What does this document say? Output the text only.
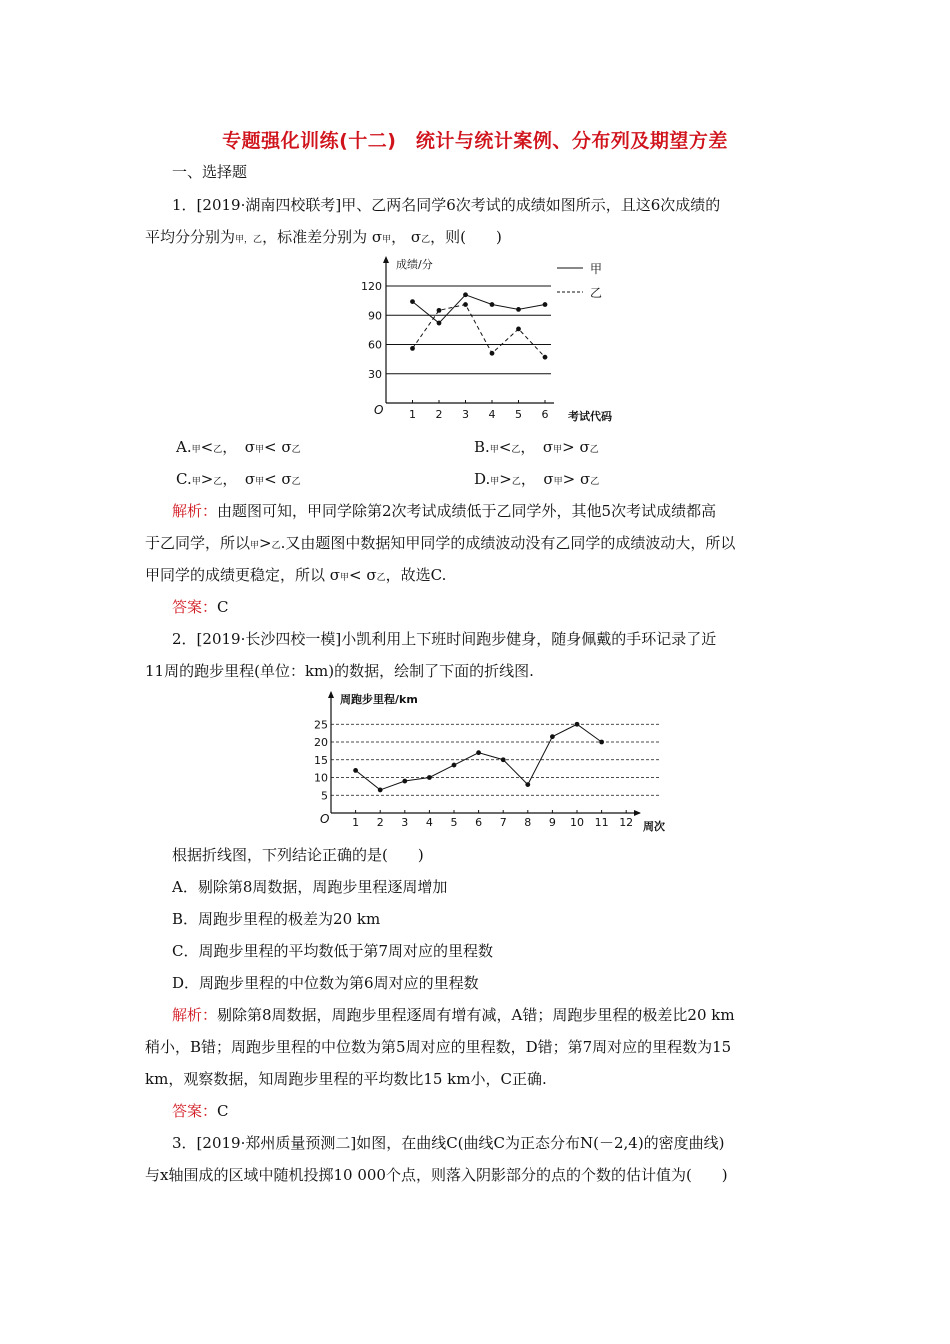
专题强化训练(十二)　统计与统计案例、分布列及期望方差
一、选择题
1．[2019·湖南四校联考]甲、乙两名同学6次考试的成绩如图所示，且这6次成绩的
平均分分别为甲，乙，标准差分别为 σ甲， σ乙，则(　　)
成绩/分
考试代码
O
30
60
90
120
1 2 3 4 5 6
甲
乙
A.甲<乙，　σ甲< σ乙	B.甲<乙，　σ甲> σ乙
C.甲>乙，　σ甲< σ乙	D.甲>乙，　σ甲> σ乙
解析：由题图可知，甲同学除第2次考试成绩低于乙同学外，其他5次考试成绩都高
于乙同学，所以甲>乙.又由题图中数据知甲同学的成绩波动没有乙同学的成绩波动大，所以
甲同学的成绩更稳定，所以 σ甲< σ乙，故选C.
答案：C
2．[2019·长沙四校一模]小凯利用上下班时间跑步健身，随身佩戴的手环记录了近
11周的跑步里程(单位：km)的数据，绘制了下面的折线图.
周跑步里程/km
周次
O
5
10
15
20
25
1 2 3 4 5 6 7 8 9 10 11 12
根据折线图，下列结论正确的是(　　)
A．剔除第8周数据，周跑步里程逐周增加
B．周跑步里程的极差为20 km
C．周跑步里程的平均数低于第7周对应的里程数
D．周跑步里程的中位数为第6周对应的里程数
解析：剔除第8周数据，周跑步里程逐周有增有减，A错；周跑步里程的极差比20 km
稍小，B错；周跑步里程的中位数为第5周对应的里程数，D错；第7周对应的里程数为15
km，观察数据，知周跑步里程的平均数比15 km小，C正确.
答案：C
3．[2019·郑州质量预测二]如图，在曲线C(曲线C为正态分布N(－2,4)的密度曲线)
与x轴围成的区域中随机投掷10 000个点，则落入阴影部分的点的个数的估计值为(　　)
